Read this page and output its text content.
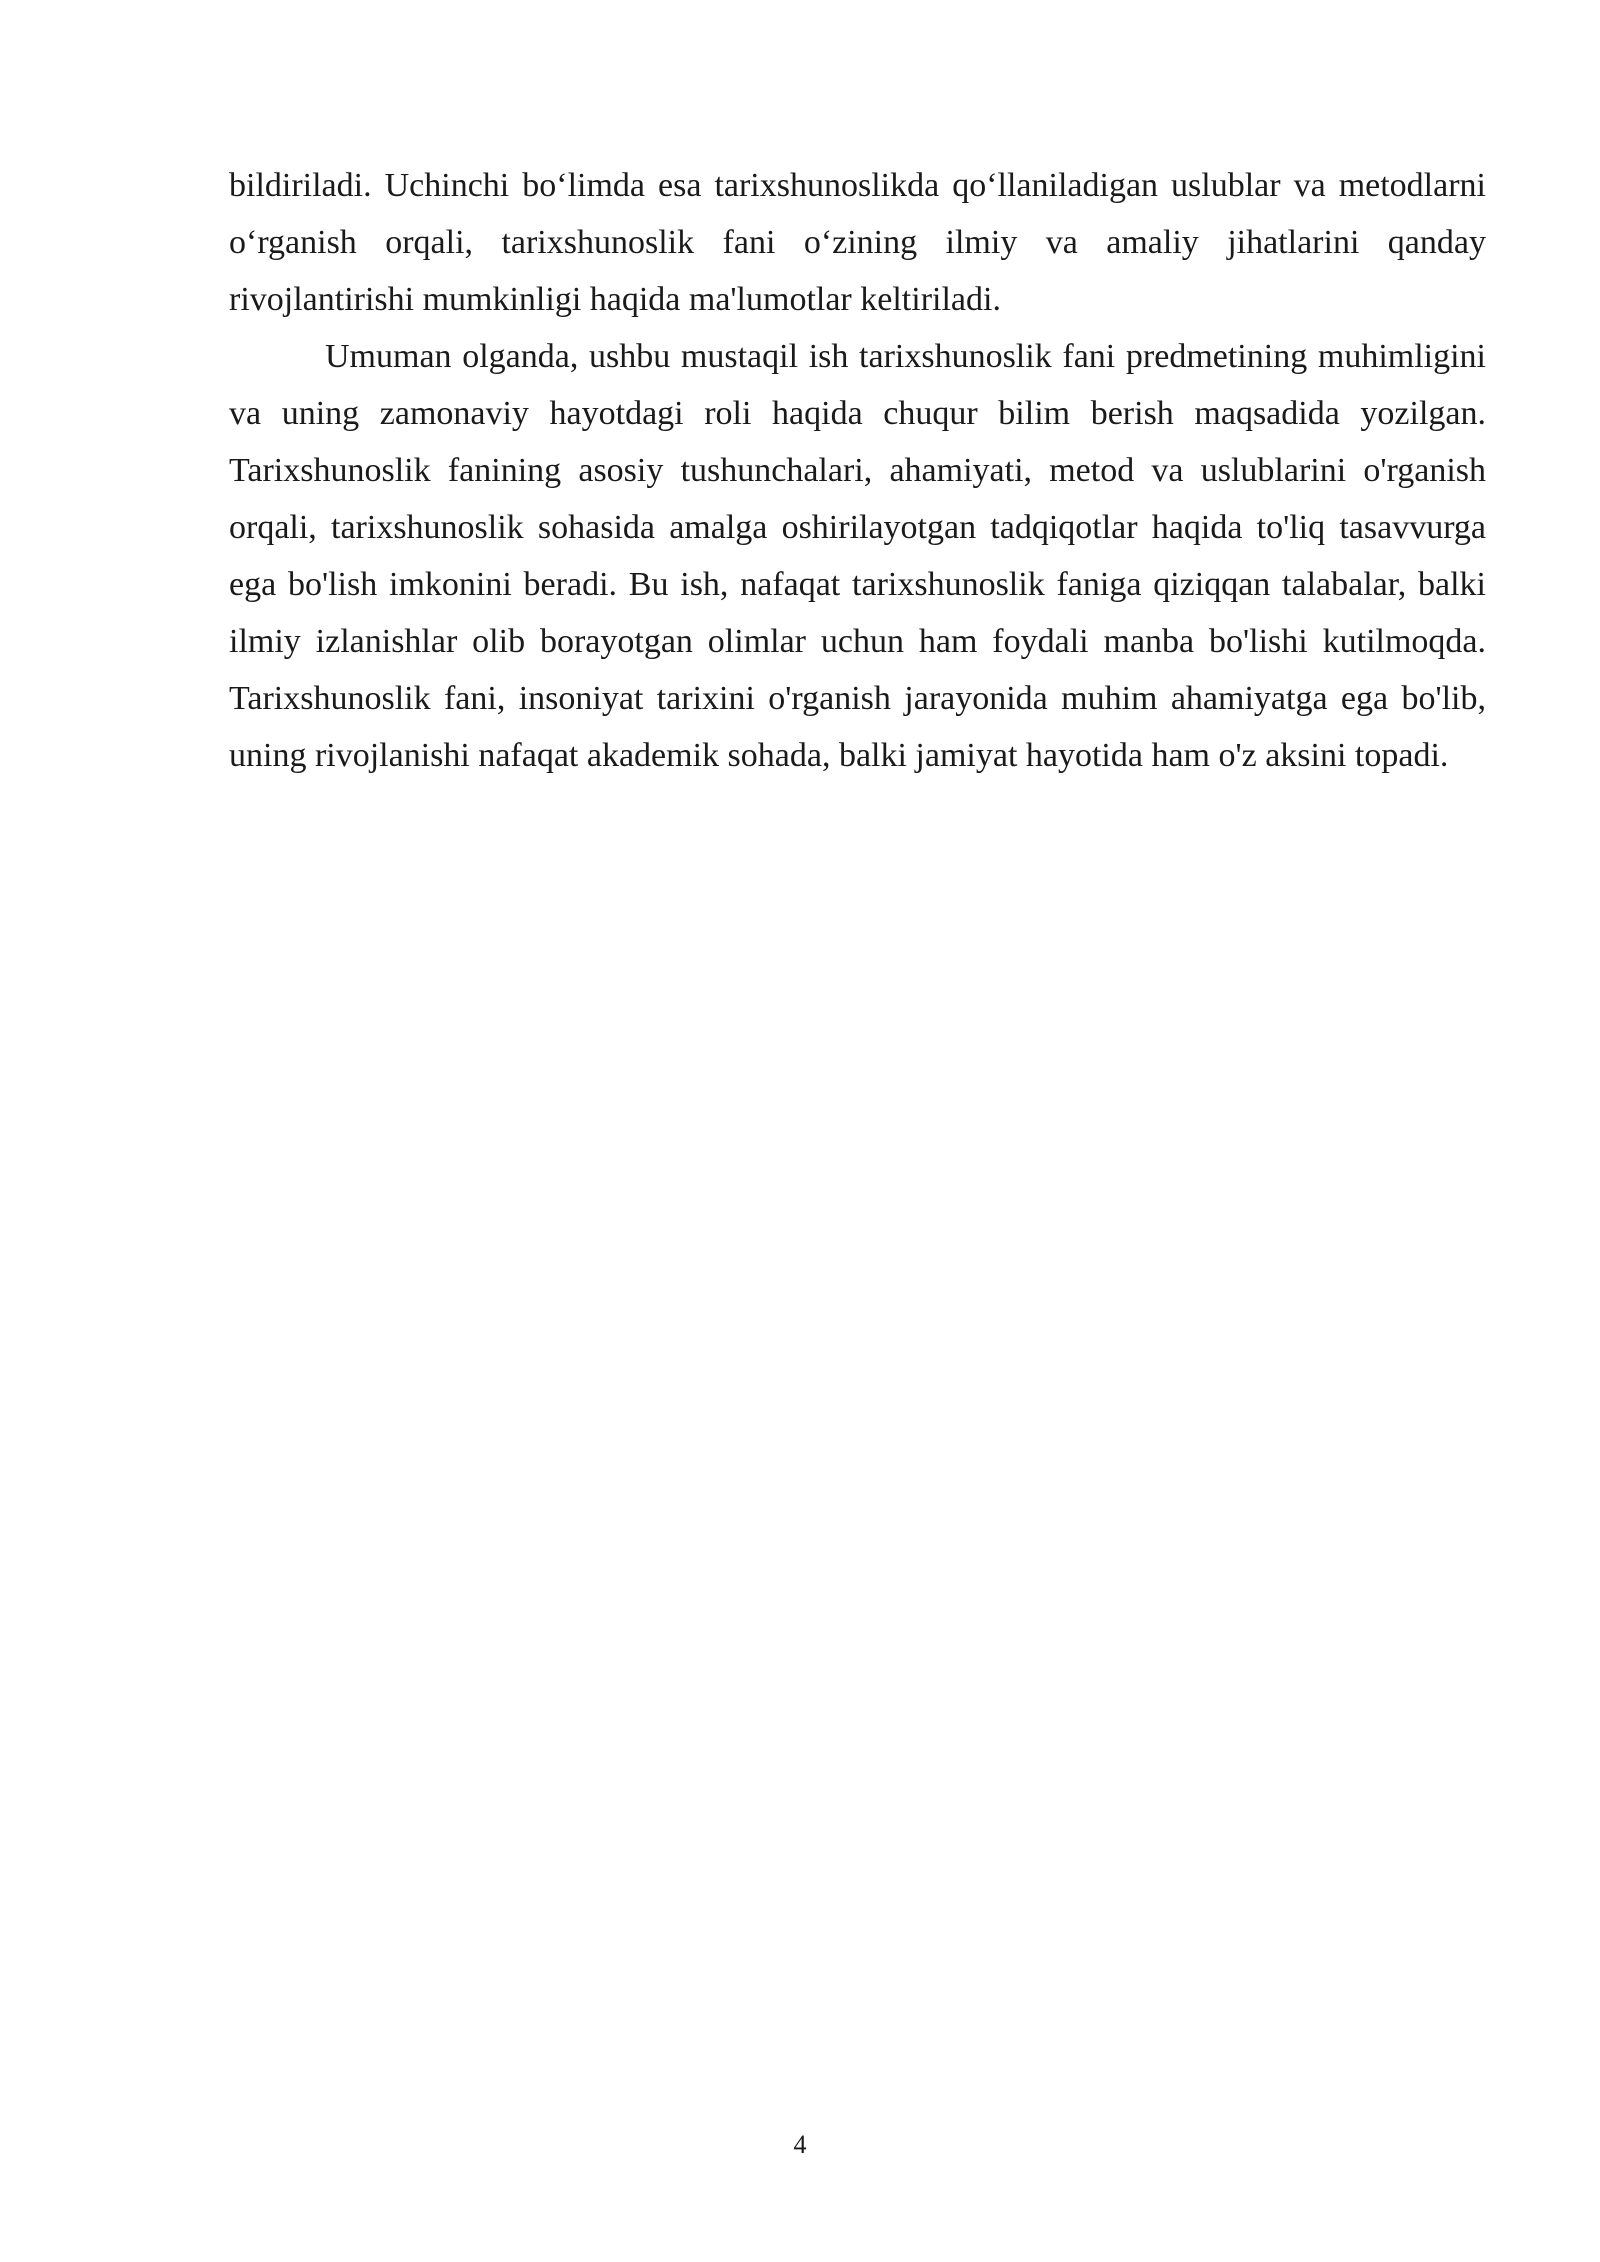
bildiriladi. Uchinchi bo‘limda esa tarixshunoslikda qo‘llaniladigan uslublar va metodlarni o‘rganish orqali, tarixshunoslik fani o‘zining ilmiy va amaliy jihatlarini qanday rivojlantirishi mumkinligi haqida ma'lumotlar keltiriladi.

Umuman olganda, ushbu mustaqil ish tarixshunoslik fani predmetining muhimligini va uning zamonaviy hayotdagi roli haqida chuqur bilim berish maqsadida yozilgan. Tarixshunoslik fanining asosiy tushunchalari, ahamiyati, metod va uslublarini o'rganish orqali, tarixshunoslik sohasida amalga oshirilayotgan tadqiqotlar haqida to'liq tasavvurga ega bo'lish imkonini beradi. Bu ish, nafaqat tarixshunoslik faniga qiziqqan talabalar, balki ilmiy izlanishlar olib borayotgan olimlar uchun ham foydali manba bo'lishi kutilmoqda. Tarixshunoslik fani, insoniyat tarixini o'rganish jarayonida muhim ahamiyatga ega bo'lib, uning rivojlanishi nafaqat akademik sohada, balki jamiyat hayotida ham o'z aksini topadi.

4
